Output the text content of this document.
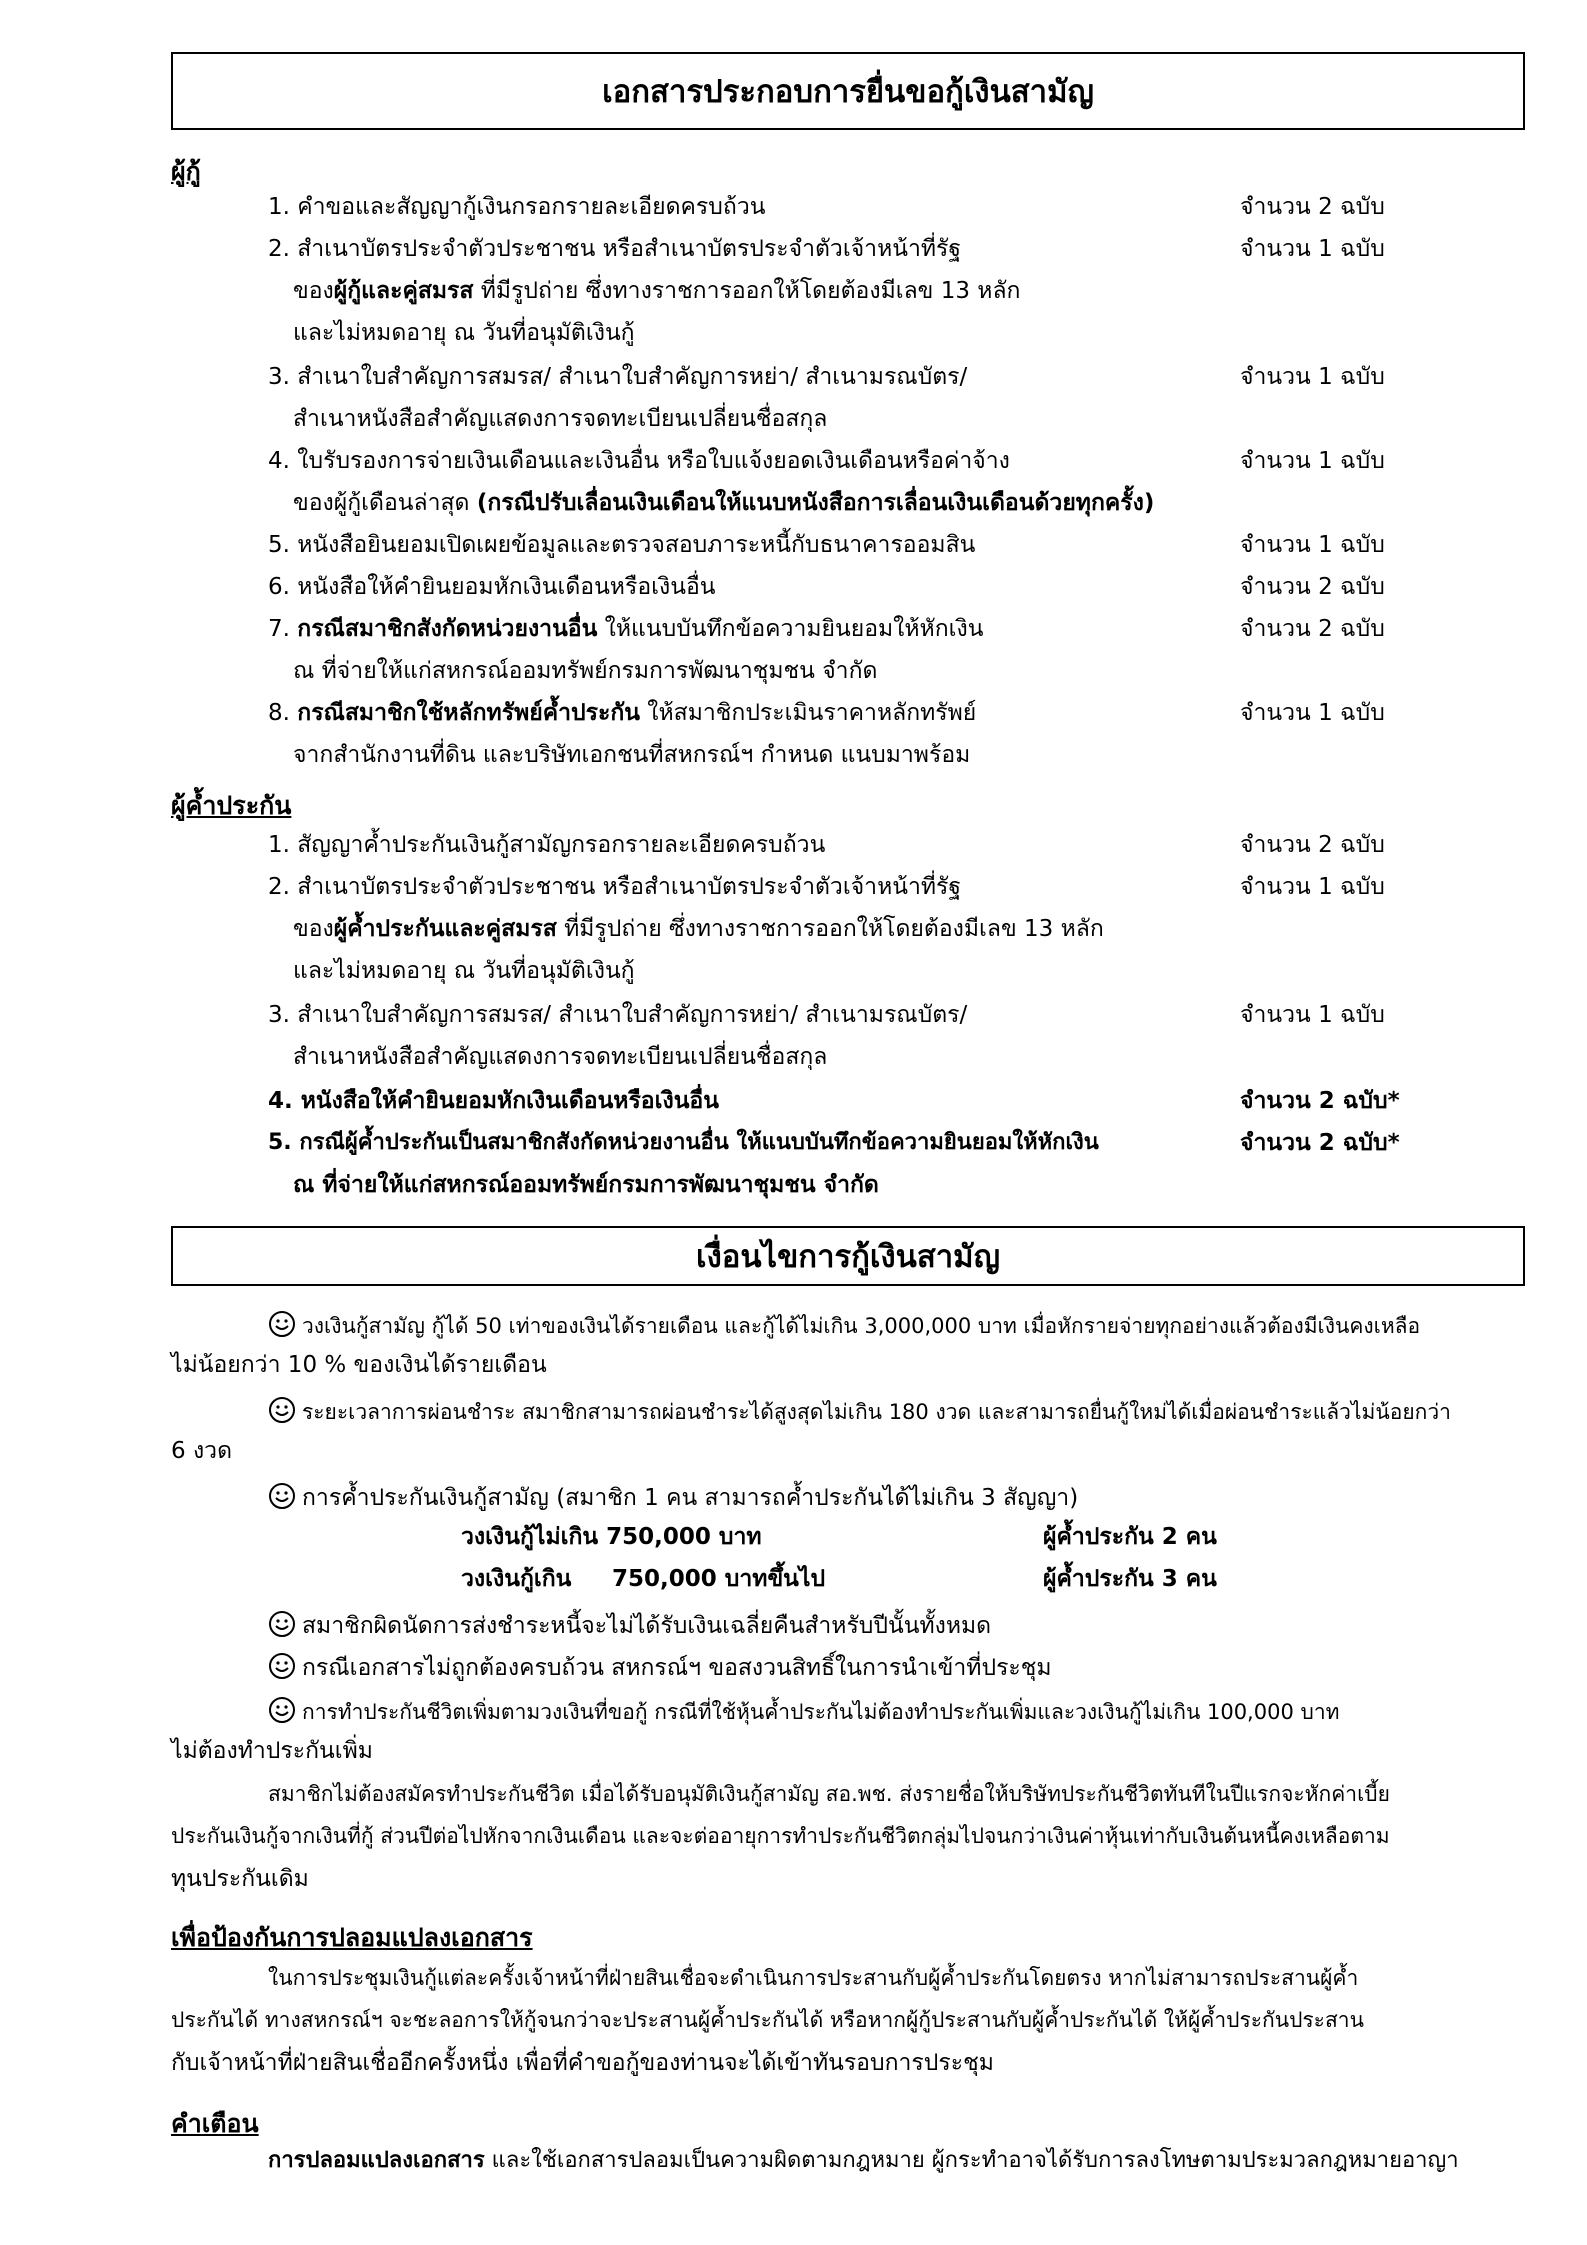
เอกสารประกอบการยื่นขอกู้เงินสามัญ
ผู้กู้
1. คำขอและสัญญากู้เงินกรอกรายละเอียดครบถ้วน	จำนวน 2 ฉบับ
2. สำเนาบัตรประจำตัวประชาชน หรือสำเนาบัตรประจำตัวเจ้าหน้าที่รัฐ	จำนวน 1 ฉบับ
ของผู้กู้และคู่สมรส ที่มีรูปถ่าย ซึ่งทางราชการออกให้โดยต้องมีเลข 13 หลัก
และไม่หมดอายุ ณ วันที่อนุมัติเงินกู้
3. สำเนาใบสำคัญการสมรส/ สำเนาใบสำคัญการหย่า/ สำเนามรณบัตร/	จำนวน 1 ฉบับ
สำเนาหนังสือสำคัญแสดงการจดทะเบียนเปลี่ยนชื่อสกุล
4. ใบรับรองการจ่ายเงินเดือนและเงินอื่น หรือใบแจ้งยอดเงินเดือนหรือค่าจ้าง	จำนวน 1 ฉบับ
ของผู้กู้เดือนล่าสุด (กรณีปรับเลื่อนเงินเดือนให้แนบหนังสือการเลื่อนเงินเดือนด้วยทุกครั้ง)
5. หนังสือยินยอมเปิดเผยข้อมูลและตรวจสอบภาระหนี้กับธนาคารออมสิน	จำนวน 1 ฉบับ
6. หนังสือให้คำยินยอมหักเงินเดือนหรือเงินอื่น	จำนวน 2 ฉบับ
7. กรณีสมาชิกสังกัดหน่วยงานอื่น ให้แนบบันทึกข้อความยินยอมให้หักเงิน	จำนวน 2 ฉบับ
ณ ที่จ่ายให้แก่สหกรณ์ออมทรัพย์กรมการพัฒนาชุมชน จำกัด
8. กรณีสมาชิกใช้หลักทรัพย์ค้ำประกัน ให้สมาชิกประเมินราคาหลักทรัพย์	จำนวน 1 ฉบับ
จากสำนักงานที่ดิน และบริษัทเอกชนที่สหกรณ์ฯ กำหนด แนบมาพร้อม
ผู้ค้ำประกัน
1. สัญญาค้ำประกันเงินกู้สามัญกรอกรายละเอียดครบถ้วน	จำนวน 2 ฉบับ
2. สำเนาบัตรประจำตัวประชาชน หรือสำเนาบัตรประจำตัวเจ้าหน้าที่รัฐ	จำนวน 1 ฉบับ
ของผู้ค้ำประกันและคู่สมรส ที่มีรูปถ่าย ซึ่งทางราชการออกให้โดยต้องมีเลข 13 หลัก
และไม่หมดอายุ ณ วันที่อนุมัติเงินกู้
3. สำเนาใบสำคัญการสมรส/ สำเนาใบสำคัญการหย่า/ สำเนามรณบัตร/	จำนวน 1 ฉบับ
สำเนาหนังสือสำคัญแสดงการจดทะเบียนเปลี่ยนชื่อสกุล
4. หนังสือให้คำยินยอมหักเงินเดือนหรือเงินอื่น	จำนวน 2 ฉบับ*
5. กรณีผู้ค้ำประกันเป็นสมาชิกสังกัดหน่วยงานอื่น ให้แนบบันทึกข้อความยินยอมให้หักเงิน	จำนวน 2 ฉบับ*
ณ ที่จ่ายให้แก่สหกรณ์ออมทรัพย์กรมการพัฒนาชุมชน จำกัด
เงื่อนไขการกู้เงินสามัญ
วงเงินกู้สามัญ กู้ได้ 50 เท่าของเงินได้รายเดือน และกู้ได้ไม่เกิน 3,000,000 บาท เมื่อหักรายจ่ายทุกอย่างแล้วต้องมีเงินคงเหลือ
ไม่น้อยกว่า 10 % ของเงินได้รายเดือน
ระยะเวลาการผ่อนชำระ สมาชิกสามารถผ่อนชำระได้สูงสุดไม่เกิน 180 งวด และสามารถยื่นกู้ใหม่ได้เมื่อผ่อนชำระแล้วไม่น้อยกว่า
6 งวด
การค้ำประกันเงินกู้สามัญ (สมาชิก 1 คน สามารถค้ำประกันได้ไม่เกิน 3 สัญญา)
วงเงินกู้ไม่เกิน 750,000 บาท	ผู้ค้ำประกัน 2 คน
วงเงินกู้เกิน 750,000 บาทขึ้นไป	ผู้ค้ำประกัน 3 คน
สมาชิกผิดนัดการส่งชำระหนี้จะไม่ได้รับเงินเฉลี่ยคืนสำหรับปีนั้นทั้งหมด
กรณีเอกสารไม่ถูกต้องครบถ้วน สหกรณ์ฯ ขอสงวนสิทธิ์ในการนำเข้าที่ประชุม
การทำประกันชีวิตเพิ่มตามวงเงินที่ขอกู้ กรณีที่ใช้หุ้นค้ำประกันไม่ต้องทำประกันเพิ่มและวงเงินกู้ไม่เกิน 100,000 บาท
ไม่ต้องทำประกันเพิ่ม
สมาชิกไม่ต้องสมัครทำประกันชีวิต เมื่อได้รับอนุมัติเงินกู้สามัญ สอ.พช. ส่งรายชื่อให้บริษัทประกันชีวิตทันทีในปีแรกจะหักค่าเบี้ย
ประกันเงินกู้จากเงินที่กู้ ส่วนปีต่อไปหักจากเงินเดือน และจะต่ออายุการทำประกันชีวิตกลุ่มไปจนกว่าเงินค่าหุ้นเท่ากับเงินต้นหนี้คงเหลือตาม
ทุนประกันเดิม
เพื่อป้องกันการปลอมแปลงเอกสาร
ในการประชุมเงินกู้แต่ละครั้งเจ้าหน้าที่ฝ่ายสินเชื่อจะดำเนินการประสานกับผู้ค้ำประกันโดยตรง หากไม่สามารถประสานผู้ค้ำ
ประกันได้ ทางสหกรณ์ฯ จะชะลอการให้กู้จนกว่าจะประสานผู้ค้ำประกันได้ หรือหากผู้กู้ประสานกับผู้ค้ำประกันได้ ให้ผู้ค้ำประกันประสาน
กับเจ้าหน้าที่ฝ่ายสินเชื่ออีกครั้งหนึ่ง เพื่อที่คำขอกู้ของท่านจะได้เข้าทันรอบการประชุม
คำเตือน
การปลอมแปลงเอกสาร และใช้เอกสารปลอมเป็นความผิดตามกฎหมาย ผู้กระทำอาจได้รับการลงโทษตามประมวลกฎหมายอาญา
